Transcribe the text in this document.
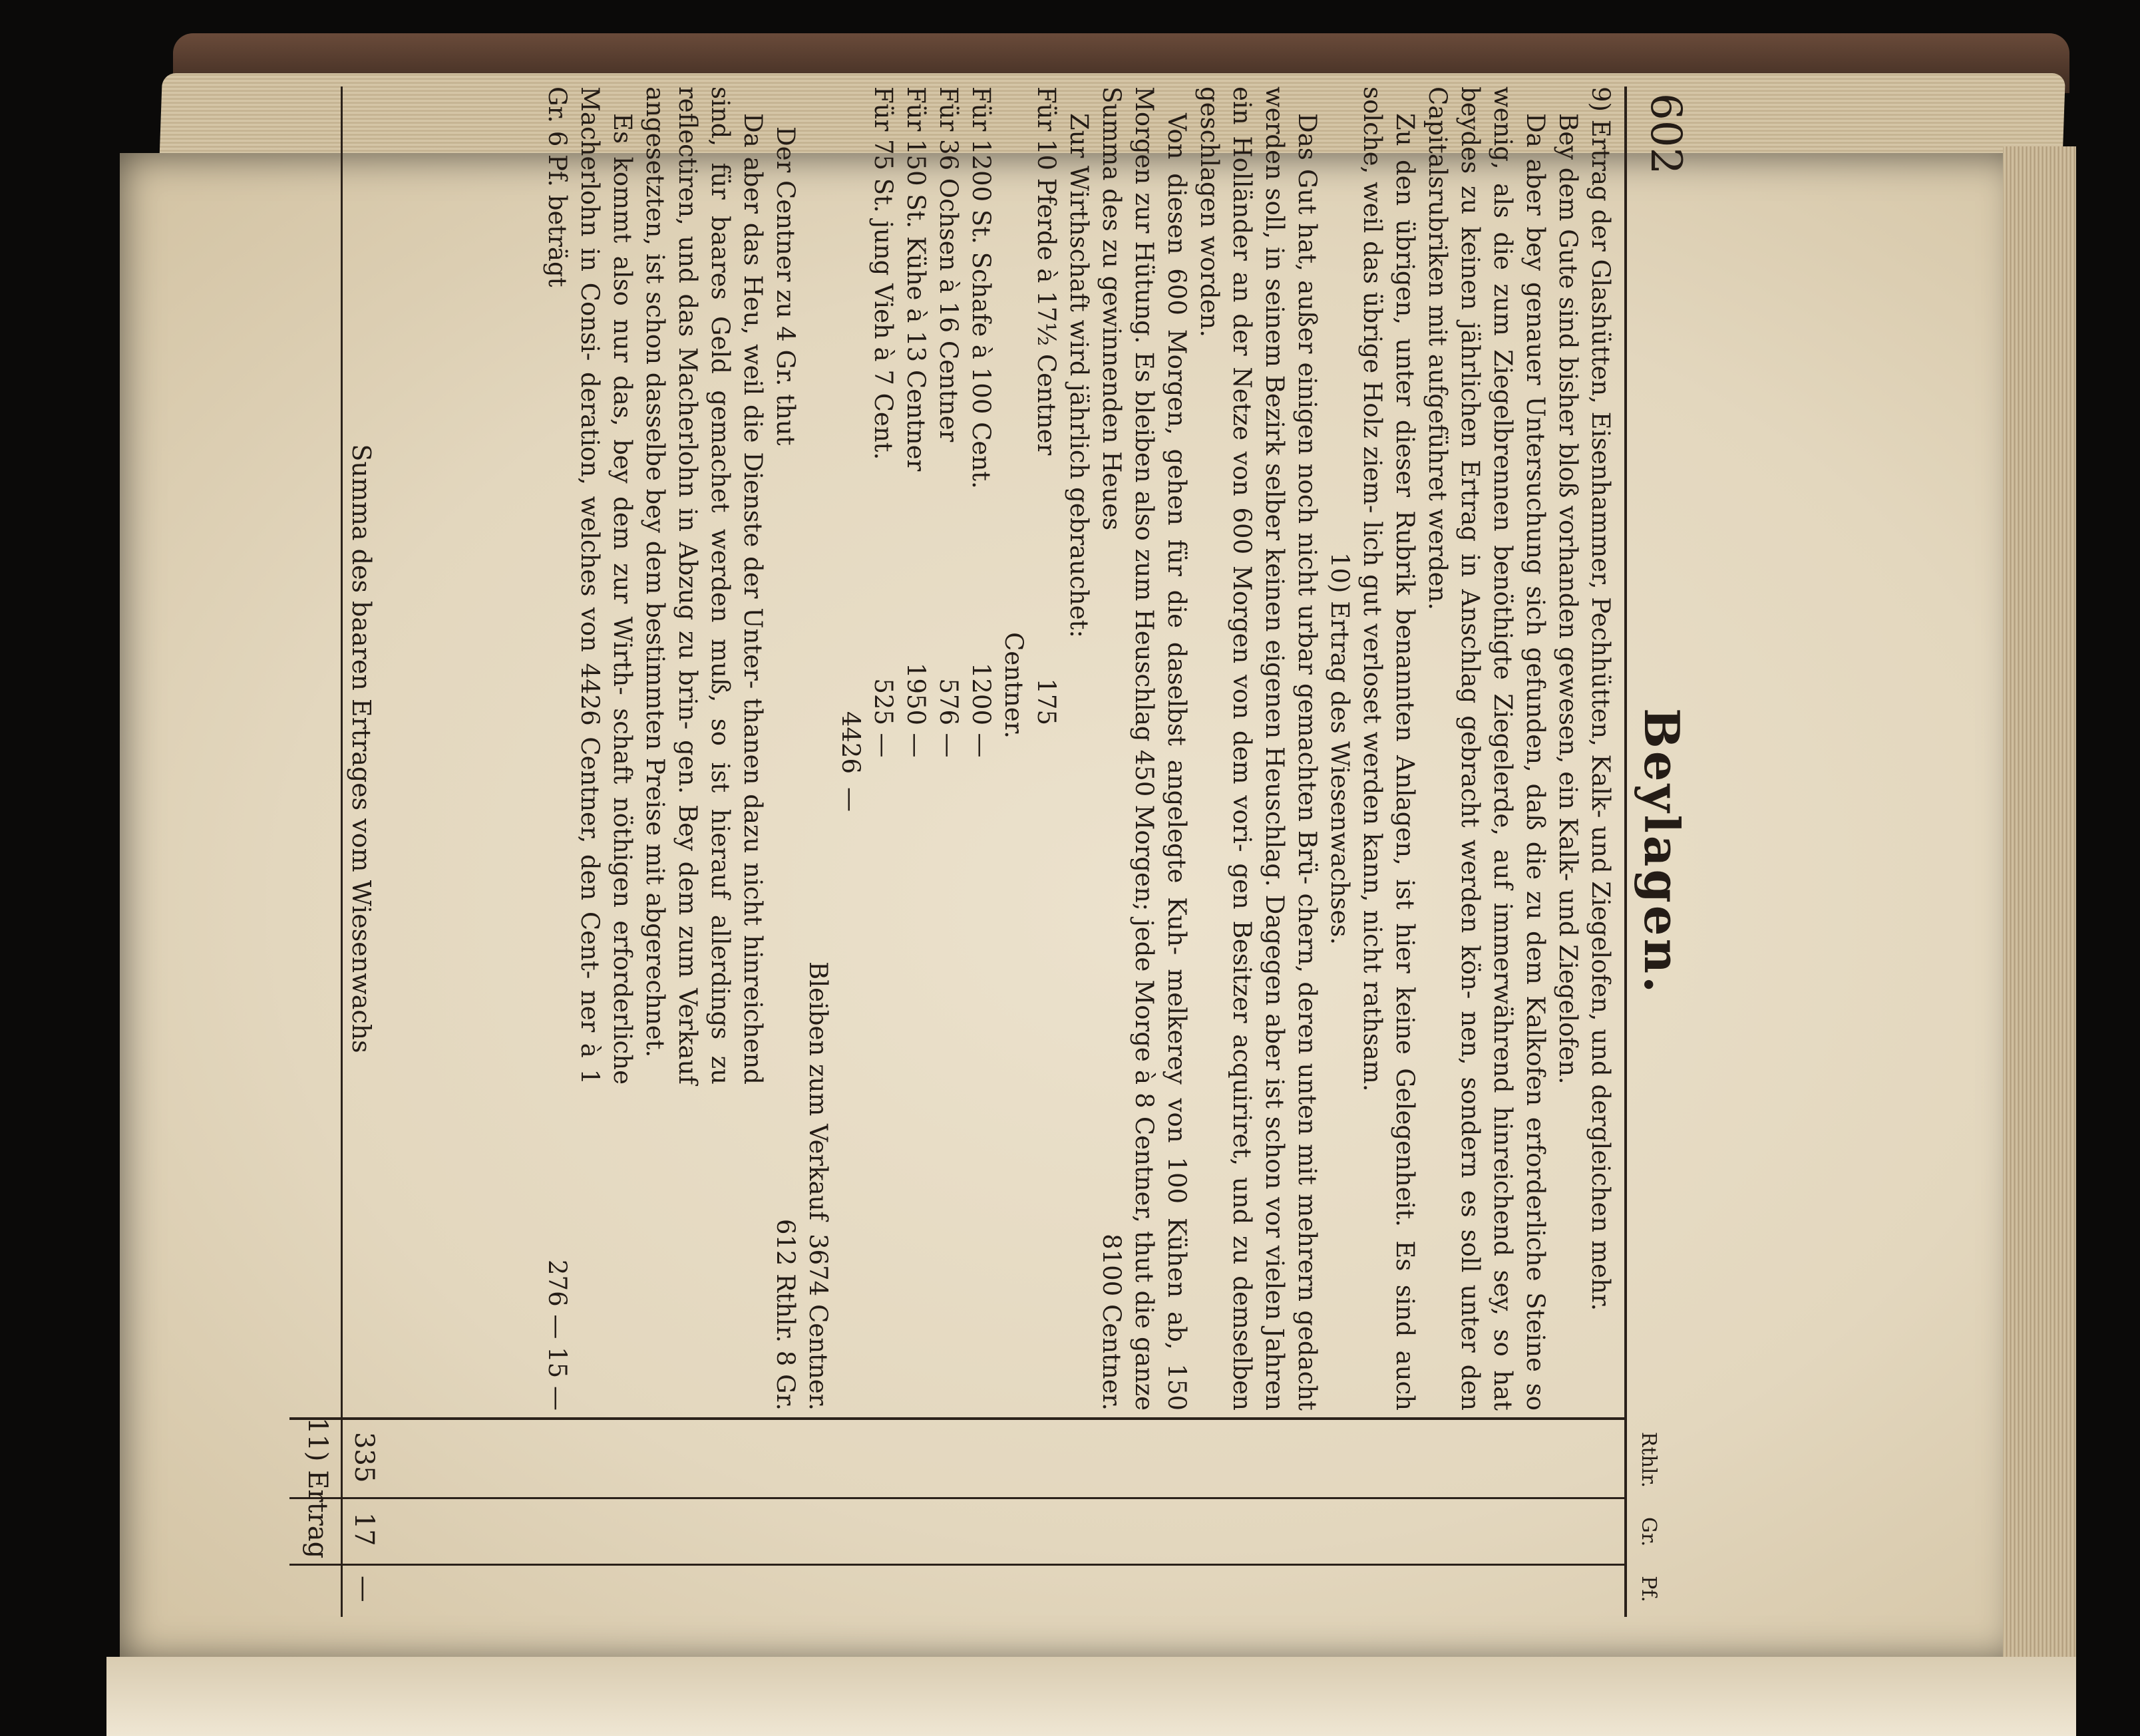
602
Beylagen.
Rthlr.
Gr.
Pf.

9) Ertrag der Glashütten, Eisenhammer, Pechhütten, Kalk- und Ziegelofen, und dergleichen mehr.

Bey dem Gute sind bisher bloß vorhanden gewesen, ein Kalk- und Ziegelofen.

Da aber bey genauer Untersuchung sich gefunden, daß die zu dem Kalkofen erforderliche Steine so wenig, als die zum Ziegelbrennen benöthigte Ziegelerde, auf immerwährend hinreichend sey, so hat beydes zu keinen jährlichen Ertrag in Anschlag gebracht werden kön- nen, sondern es soll unter den Capitalsrubriken mit aufgeführet werden.

Zu den übrigen, unter dieser Rubrik benannten Anlagen, ist hier keine Gelegenheit. Es sind auch solche, weil das übrige Holz ziem- lich gut verloset werden kann, nicht rathsam.

10) Ertrag des Wiesenwachses.

Das Gut hat, außer einigen noch nicht urbar gemachten Brü- chern, deren unten mit mehrern gedacht werden soll, in seinem Bezirk selber keinen eigenen Heuschlag. Dagegen aber ist schon vor vielen Jahren ein Holländer an der Netze von 600 Morgen von dem vori- gen Besitzer acquiriret, und zu demselben geschlagen worden.

Von diesen 600 Morgen, gehen für die daselbst angelegte Kuh- melkerey von 100 Kühen ab, 150 Morgen zur Hütung. Es bleiben also zum Heuschlag 450 Morgen; jede Morge à 8 Centner, thut die ganze Summa des zu gewinnenden Heues
8100 Centner.

Zur Wirthschaft wird jährlich gebrauchet:

Für 10 Pferde à 17½ Centner
175 Centner.
Für 1200 St. Schafe à 100 Cent.
1200
—
Für 36 Ochsen à 16 Centner
576
—
Für 150 St. Kühe à 13 Centner
1950
—
Für 75 St. jung Vieh à 7 Cent.
525
—
4426
—
Bleiben zum Verkauf
3674 Centner.
Der Centner zu 4 Gr. thut
612 Rthlr. 8 Gr.

Da aber das Heu, weil die Dienste der Unter- thanen dazu nicht hinreichend sind, für baares Geld gemachet werden muß, so ist hierauf allerdings zu reflectiren, und das Macherlohn in Abzug zu brin- gen. Bey dem zum Verkauf angesetzten, ist schon dasselbe bey dem bestimmten Preise mit abgerechnet.

Es kommt also nur das, bey dem zur Wirth- schaft nöthigen erforderliche Macherlohn in Consi- deration, welches von 4426 Centner, den Cent- ner à 1 Gr. 6 Pf. beträgt

276 — 15 —
Summa des baaren Ertrages vom Wiesenwachs
335
17
—
11) Ertrag
